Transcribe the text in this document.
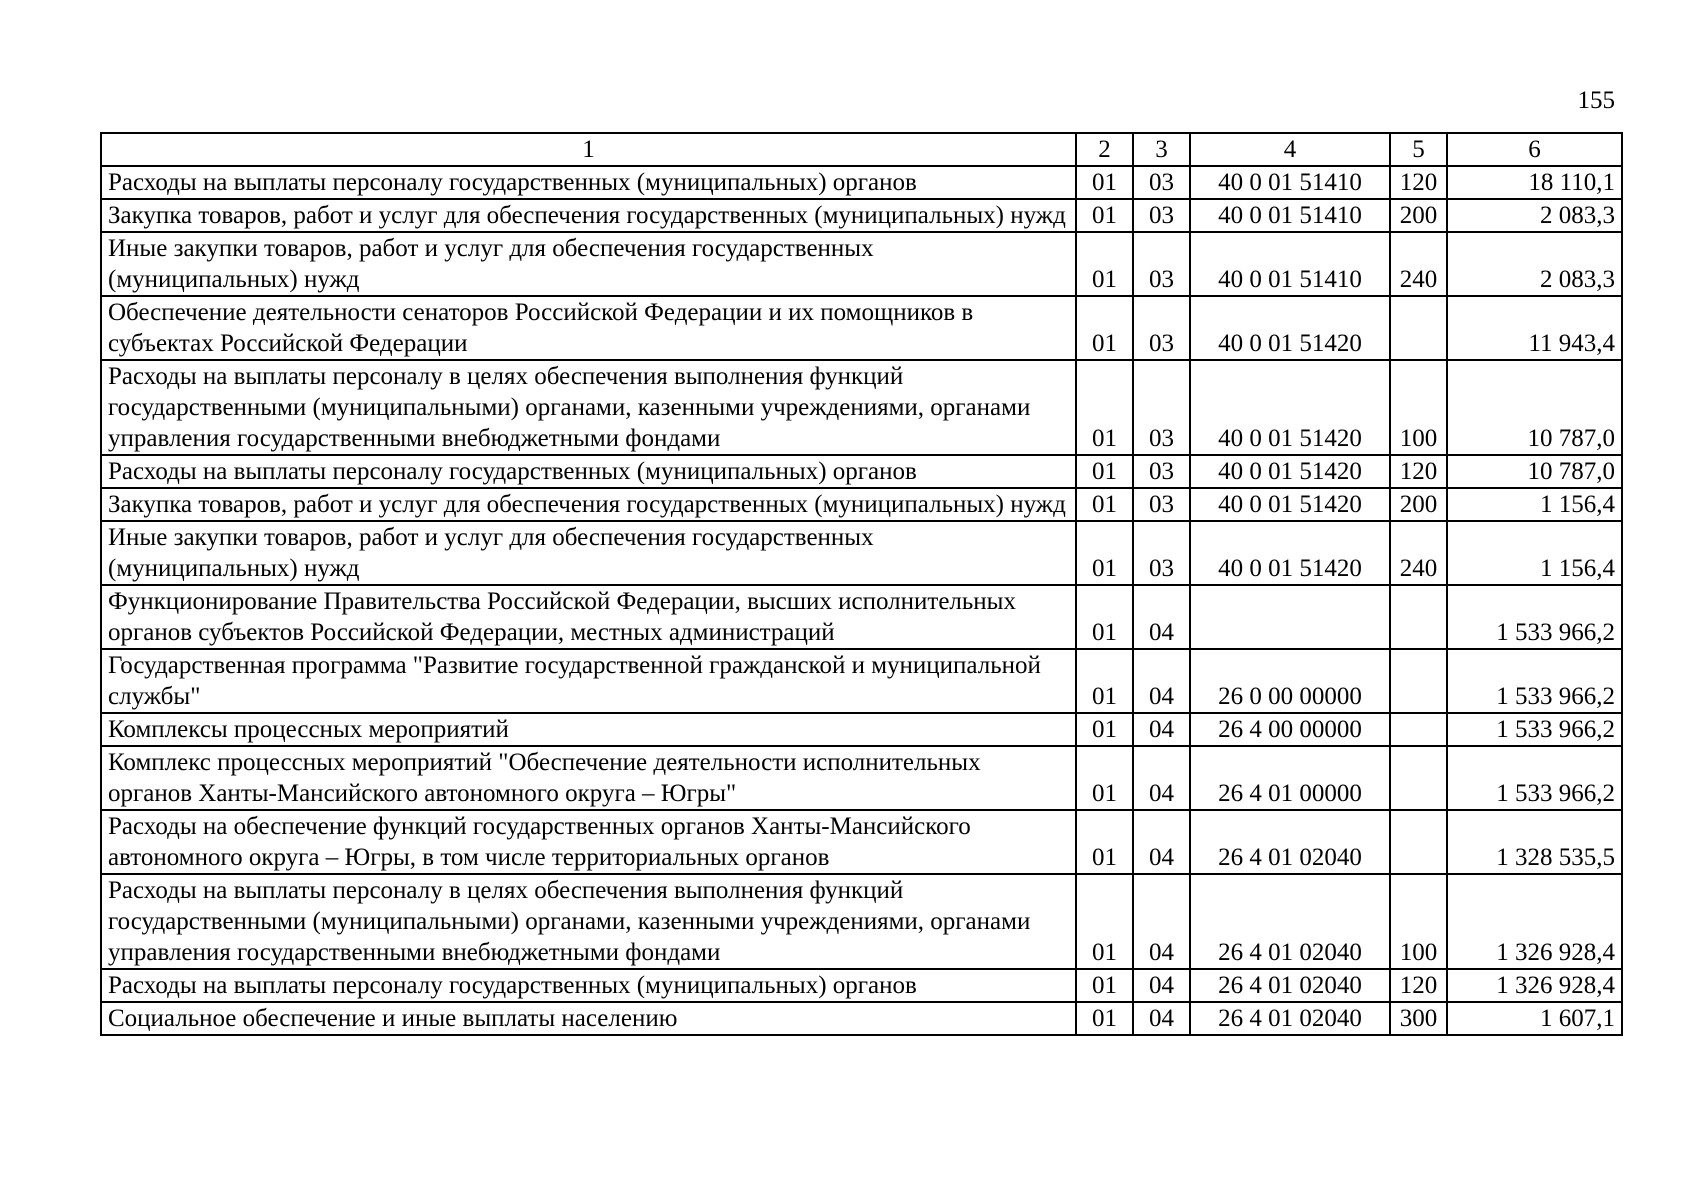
155
1	2	3	4	5	6
Расходы на выплаты персоналу государственных (муниципальных) органов	01	03	40 0 01 51410	120	18 110,1
Закупка товаров, работ и услуг для обеспечения государственных (муниципальных) нужд	01	03	40 0 01 51410	200	2 083,3
Иные закупки товаров, работ и услуг для обеспечения государственных (муниципальных) нужд	01	03	40 0 01 51410	240	2 083,3
Обеспечение деятельности сенаторов Российской Федерации и их помощников в субъектах Российской Федерации	01	03	40 0 01 51420		11 943,4
Расходы на выплаты персоналу в целях обеспечения выполнения функций государственными (муниципальными) органами, казенными учреждениями, органами управления государственными внебюджетными фондами	01	03	40 0 01 51420	100	10 787,0
Расходы на выплаты персоналу государственных (муниципальных) органов	01	03	40 0 01 51420	120	10 787,0
Закупка товаров, работ и услуг для обеспечения государственных (муниципальных) нужд	01	03	40 0 01 51420	200	1 156,4
Иные закупки товаров, работ и услуг для обеспечения государственных (муниципальных) нужд	01	03	40 0 01 51420	240	1 156,4
Функционирование Правительства Российской Федерации, высших исполнительных органов субъектов Российской Федерации, местных администраций	01	04			1 533 966,2
Государственная программа "Развитие государственной гражданской и муниципальной службы"	01	04	26 0 00 00000		1 533 966,2
Комплексы процессных мероприятий	01	04	26 4 00 00000		1 533 966,2
Комплекс процессных мероприятий "Обеспечение деятельности исполнительных органов Ханты-Мансийского автономного округа – Югры"	01	04	26 4 01 00000		1 533 966,2
Расходы на обеспечение функций государственных органов Ханты-Мансийского автономного округа – Югры, в том числе территориальных органов	01	04	26 4 01 02040		1 328 535,5
Расходы на выплаты персоналу в целях обеспечения выполнения функций государственными (муниципальными) органами, казенными учреждениями, органами управления государственными внебюджетными фондами	01	04	26 4 01 02040	100	1 326 928,4
Расходы на выплаты персоналу государственных (муниципальных) органов	01	04	26 4 01 02040	120	1 326 928,4
Социальное обеспечение и иные выплаты населению	01	04	26 4 01 02040	300	1 607,1
